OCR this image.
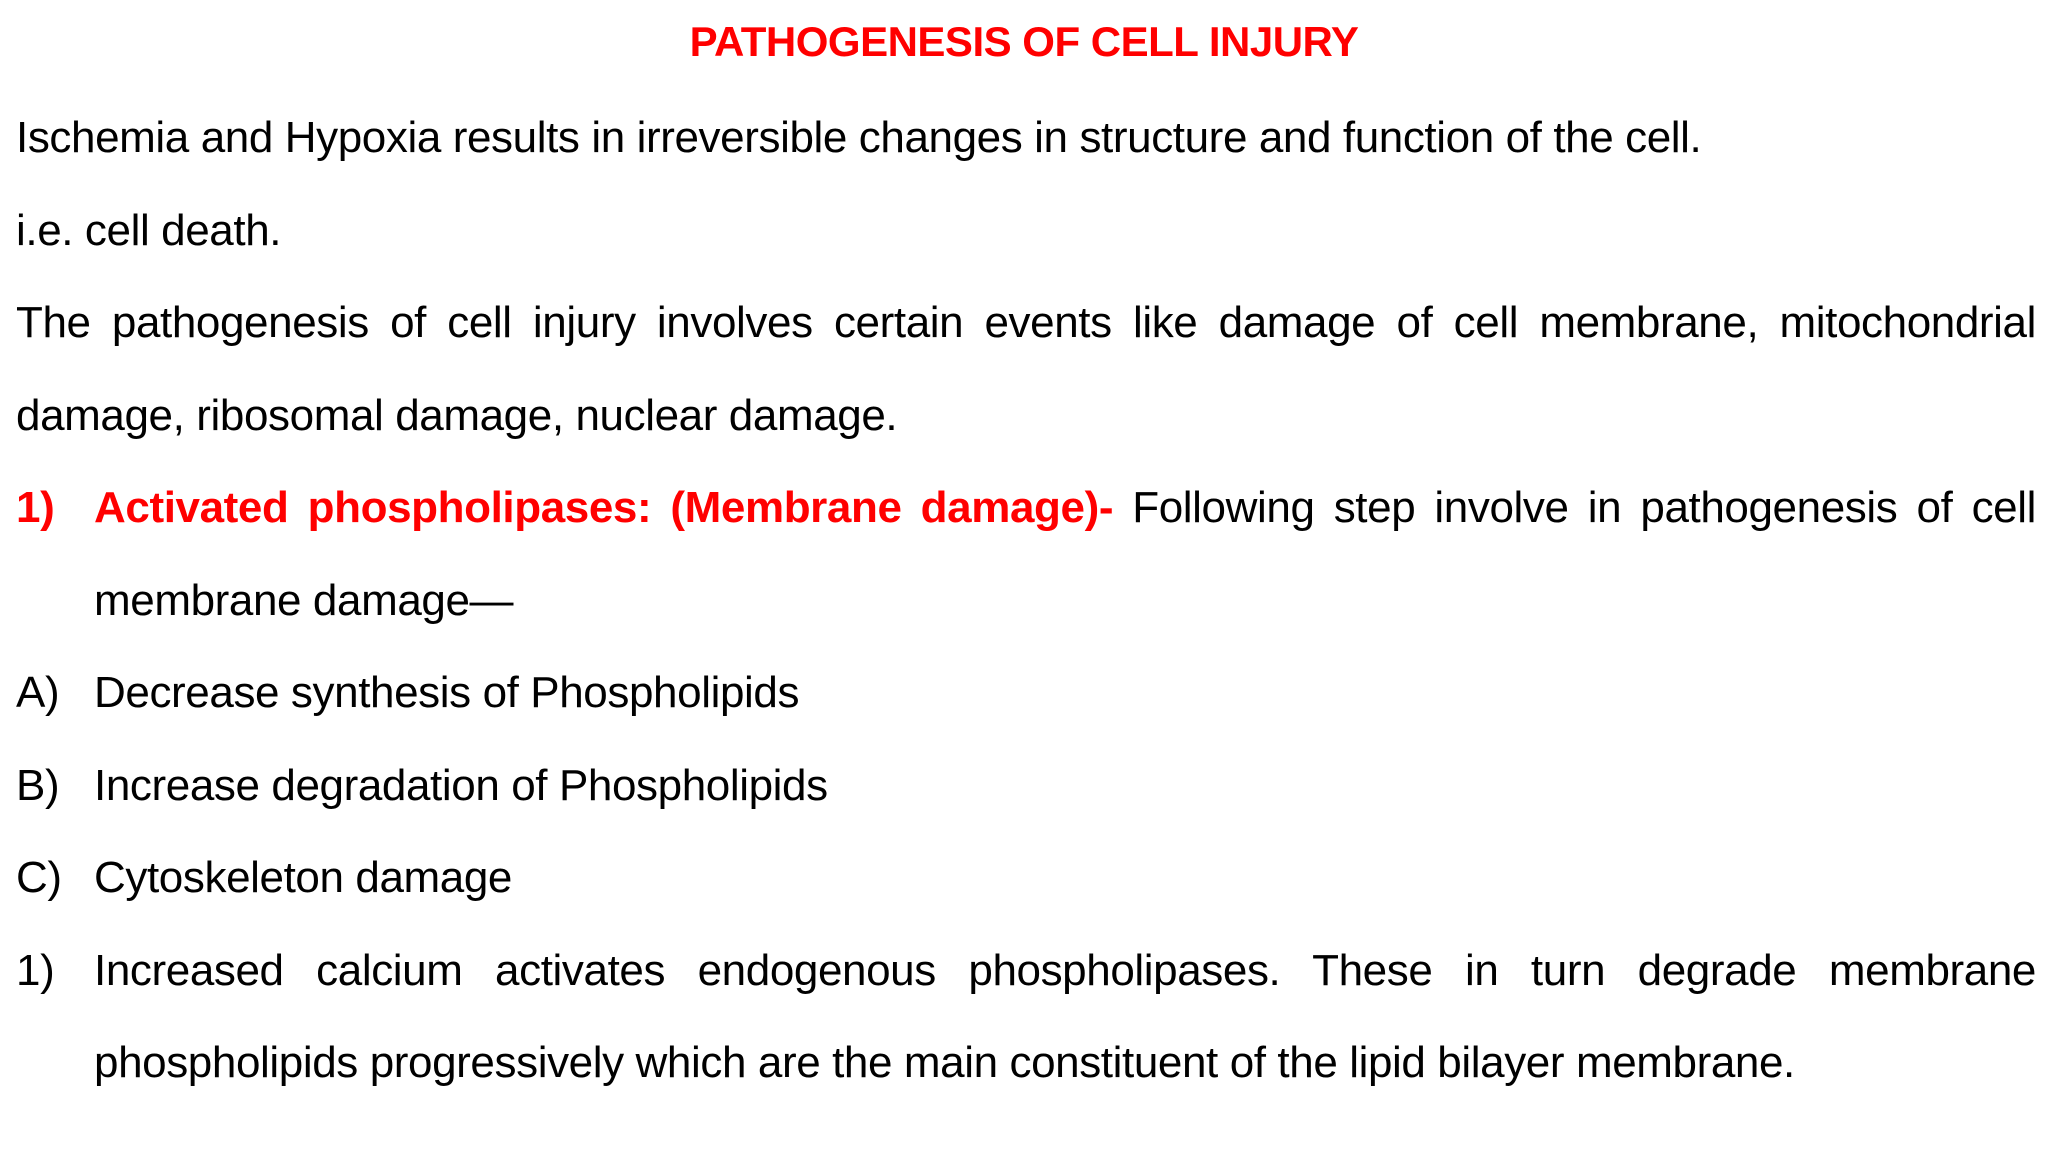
PATHOGENESIS OF CELL INJURY

Ischemia and Hypoxia results in irreversible changes in structure and function of the cell.

i.e. cell death.

The pathogenesis of cell injury involves certain events like damage of cell membrane, mitochondrial damage, ribosomal damage, nuclear damage.

1) Activated phospholipases: (Membrane damage)- Following step involve in pathogenesis of cell membrane damage—
A) Decrease synthesis of Phospholipids
B) Increase degradation of Phospholipids
C) Cytoskeleton damage
1) Increased calcium activates endogenous phospholipases. These in turn degrade membrane phospholipids progressively which are the main constituent of the lipid bilayer membrane.
